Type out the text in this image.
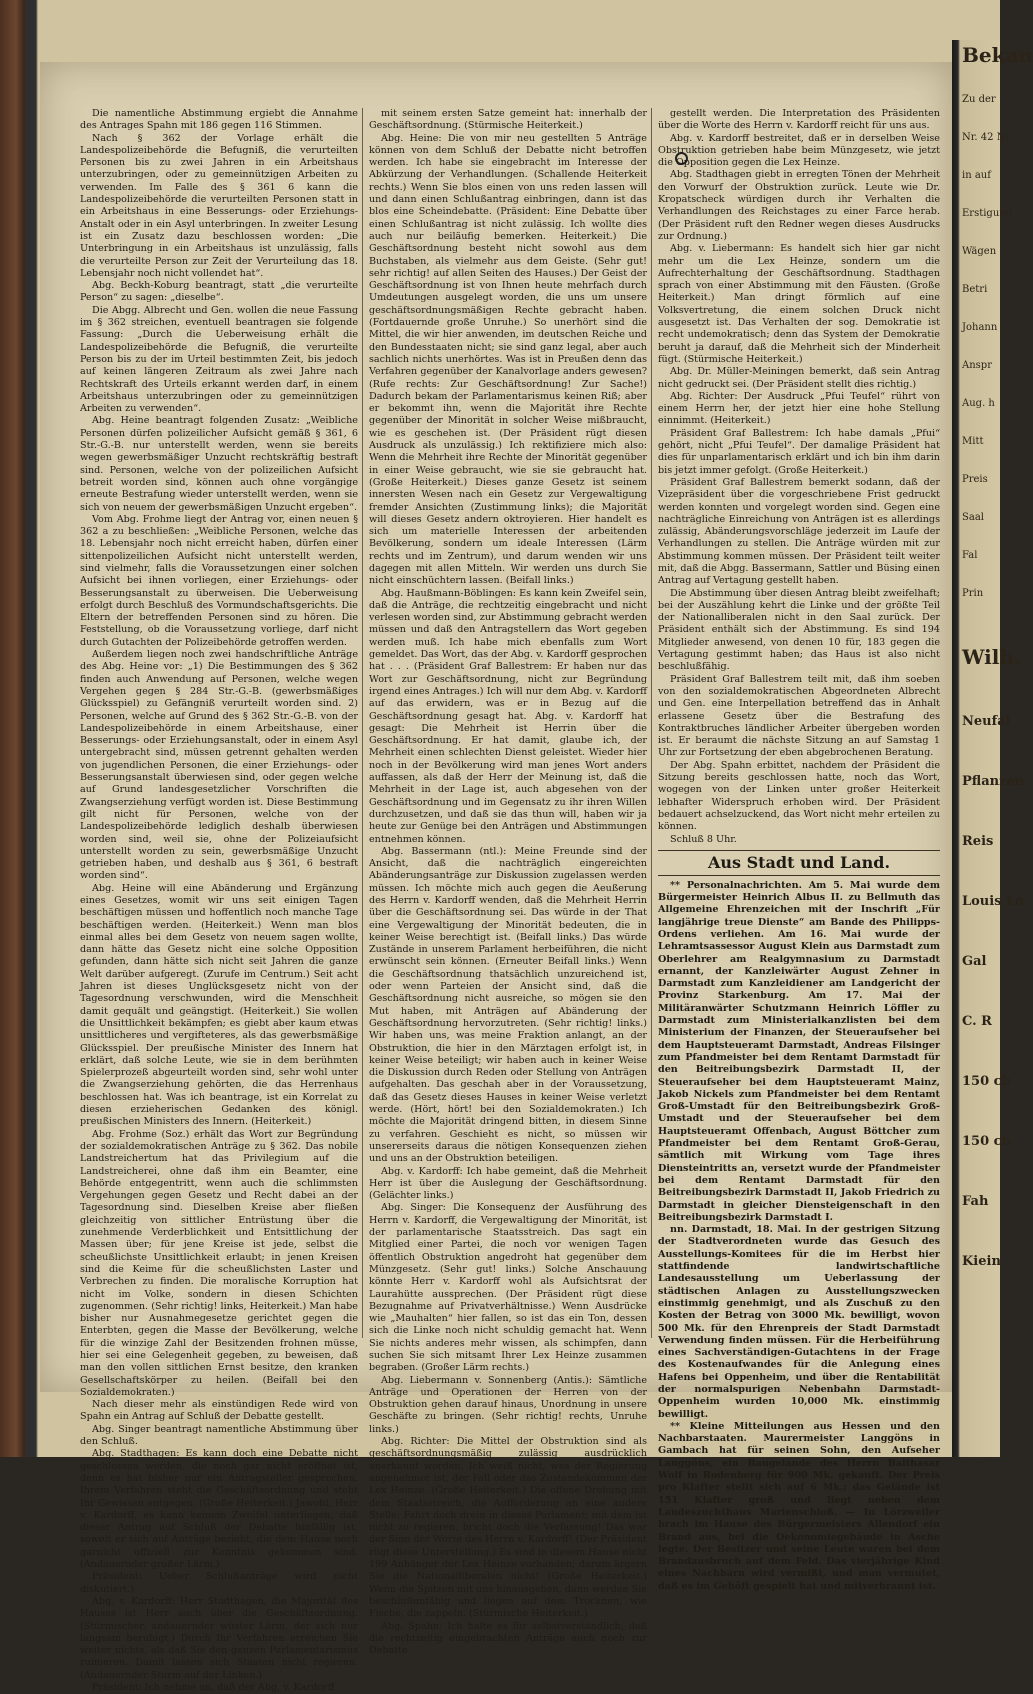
Die namentliche Abstimmung ergiebt die Annahme des Antrages Spahn mit 186 gegen 116 Stimmen.

Nach § 362 der Vorlage erhält die Landespolizeibehörde die Befugniß, die verurteilten Personen bis zu zwei Jahren in ein Arbeitshaus unterzubringen, oder zu gemeinnützigen Arbeiten zu verwenden. Im Falle des § 361 6 kann die Landespolizeibehörde die verurteilten Personen statt in ein Arbeitshaus in eine Besserungs- oder Erziehungs-Anstalt oder in ein Asyl unterbringen. In zweiter Lesung ist ein Zusatz dazu beschlossen worden: „Die Unterbringung in ein Arbeitshaus ist unzulässig, falls die verurteilte Person zur Zeit der Verurteilung das 18. Lebensjahr noch nicht vollendet hat“.

Abg. Beckh-Koburg beantragt, statt „die verurteilte Person“ zu sagen: „dieselbe“.

Die Abgg. Albrecht und Gen. wollen die neue Fassung im § 362 streichen, eventuell beantragen sie folgende Fassung: „Durch die Ueberweisung erhält die Landespolizeibehörde die Befugniß, die verurteilte Person bis zu der im Urteil bestimmten Zeit, bis jedoch auf keinen längeren Zeitraum als zwei Jahre nach Rechtskraft des Urteils erkannt werden darf, in einem Arbeitshaus unterzubringen oder zu gemeinnützigen Arbeiten zu verwenden“.

Abg. Heine beantragt folgenden Zusatz: „Weibliche Personen dürfen polizeilicher Aufsicht gemäß § 361, 6 Str.-G.-B. nur unterstellt werden, wenn sie bereits wegen gewerbsmäßiger Unzucht rechtskräftig bestraft sind. Personen, welche von der polizeilichen Aufsicht betreit worden sind, können auch ohne vorgängige erneute Bestrafung wieder unterstellt werden, wenn sie sich von neuem der gewerbsmäßigen Unzucht ergeben“.

Vom Abg. Frohme liegt der Antrag vor, einen neuen § 362 a zu beschließen: „Weibliche Personen, welche das 18. Lebensjahr noch nicht erreicht haben, dürfen einer sittenpolizeilichen Aufsicht nicht unterstellt werden, sind vielmehr, falls die Voraussetzungen einer solchen Aufsicht bei ihnen vorliegen, einer Erziehungs- oder Besserungsanstalt zu überweisen. Die Ueberweisung erfolgt durch Beschluß des Vormundschaftsgerichts. Die Eltern der betreffenden Personen sind zu hören. Die Feststellung, ob die Voraussetzung vorliege, darf nicht durch Gutachten der Polizeibehörde getroffen werden.

Außerdem liegen noch zwei handschriftliche Anträge des Abg. Heine vor: „1) Die Bestimmungen des § 362 finden auch Anwendung auf Personen, welche wegen Vergehen gegen § 284 Str.-G.-B. (gewerbsmäßiges Glücksspiel) zu Gefängniß verurteilt worden sind. 2) Personen, welche auf Grund des § 362 Str.-G.-B. von der Landespolizeibehörde in einem Arbeitshause, einer Besserungs- oder Erziehungsanstalt, oder in einem Asyl untergebracht sind, müssen getrennt gehalten werden von jugendlichen Personen, die einer Erziehungs- oder Besserungsanstalt überwiesen sind, oder gegen welche auf Grund landesgesetzlicher Vorschriften die Zwangserziehung verfügt worden ist. Diese Bestimmung gilt nicht für Personen, welche von der Landespolizeibehörde lediglich deshalb überwiesen worden sind, weil sie, ohne der Polizeiaufsicht unterstellt worden zu sein, gewerbsmäßige Unzucht getrieben haben, und deshalb aus § 361, 6 bestraft worden sind“.

Abg. Heine will eine Abänderung und Ergänzung eines Gesetzes, womit wir uns seit einigen Tagen beschäftigen müssen und hoffentlich noch manche Tage beschäftigen werden. (Heiterkeit.) Wenn man blos einmal alles bei dem Gesetz von neuem sagen wollte, dann hätte das Gesetz nicht eine solche Opposition gefunden, dann hätte sich nicht seit Jahren die ganze Welt darüber aufgeregt. (Zurufe im Centrum.) Seit acht Jahren ist dieses Unglücksgesetz nicht von der Tagesordnung verschwunden, wird die Menschheit damit gequält und geängstigt. (Heiterkeit.) Sie wollen die Unsittlichkeit bekämpfen; es giebt aber kaum etwas unsittlicheres und vergifteteres, als das gewerbsmäßige Glücksspiel. Der preußische Minister des Innern hat erklärt, daß solche Leute, wie sie in dem berühmten Spielerprozeß abgeurteilt worden sind, sehr wohl unter die Zwangserziehung gehörten, die das Herrenhaus beschlossen hat. Was ich beantrage, ist ein Korrelat zu diesen erzieherischen Gedanken des königl. preußischen Ministers des Innern. (Heiterkeit.)

Abg. Frohme (Soz.) erhält das Wort zur Begründung der sozialdemokratischen Anträge zu § 362. Das nobile Landstreichertum hat das Privilegium auf die Landstreicherei, ohne daß ihm ein Beamter, eine Behörde entgegentritt, wenn auch die schlimmsten Vergehungen gegen Gesetz und Recht dabei an der Tagesordnung sind. Dieselben Kreise aber fließen gleichzeitig von sittlicher Entrüstung über die zunehmende Verderblichkeit und Entsittlichung der Massen über; für jene Kreise ist jede, selbst die scheußlichste Unsittlichkeit erlaubt; in jenen Kreisen sind die Keime für die scheußlichsten Laster und Verbrechen zu finden. Die moralische Korruption hat nicht im Volke, sondern in diesen Schichten zugenommen. (Sehr richtig! links, Heiterkeit.) Man habe bisher nur Ausnahmegesetze gerichtet gegen die Enterbten, gegen die Masse der Bevölkerung, welche für die winzige Zahl der Besitzenden frohnen müsse, hier sei eine Gelegenheit gegeben, zu beweisen, daß man den vollen sittlichen Ernst besitze, den kranken Gesellschaftskörper zu heilen. (Beifall bei den Sozialdemokraten.)

Nach dieser mehr als einstündigen Rede wird von Spahn ein Antrag auf Schluß der Debatte gestellt.

Abg. Singer beantragt namentliche Abstimmung über den Schluß.

Abg. Stadthagen: Es kann doch eine Debatte nicht geschlossen werden, die noch gar nicht eröffnet ist, denn es hat bisher nur ein Antragsteller gesprochen. Ihrem Verfahren steht die Geschäftsordnung und steht Ihr Gewissen entgegen. (Große Heiterkeit.) Jawohl, Herr v. Kardorff, es kann keinem Zweifel unterliegen, daß dieser Antrag auf Schluß der Debatte hinfällig ist, soweit er sich auf Anträge bezieht, die dem Hause noch garnicht offiziell zur Kenntnis gekommen sind. (Andauernder großer Lärm.)

Präsident: Ueber Schlußanträge wird nicht diskutiert.)

Abg. v. Kardorff: Herr Stadthagen, die Majorität des Hauses ist Herr auch über die Geschäftsordnung. (Stürmischer, andauernder wüster Lärm, der sich nur langsam beruhigt.) Durch Ihr Verfahren erreichen Sie weiter nichts, als daß Sie den ganzen Parlamentarismus ruinieren. Damit lassen sich Staaten nicht regieren. (Andauernder Sturm auf der Linken.)

Präsident: Ich nehme an, daß der Abg. v. Kardorff

mit seinem ersten Satze gemeint hat: innerhalb der Geschäftsordnung. (Stürmische Heiterkeit.)

Abg. Heine: Die von mir neu gestellten 5 Anträge können von dem Schluß der Debatte nicht betroffen werden. Ich habe sie eingebracht im Interesse der Abkürzung der Verhandlungen. (Schallende Heiterkeit rechts.) Wenn Sie blos einen von uns reden lassen will und dann einen Schlußantrag einbringen, dann ist das blos eine Scheindebatte. (Präsident: Eine Debatte über einen Schlußantrag ist nicht zulässig. Ich wollte dies auch nur beiläufig bemerken. Heiterkeit.) Die Geschäftsordnung besteht nicht sowohl aus dem Buchstaben, als vielmehr aus dem Geiste. (Sehr gut! sehr richtig! auf allen Seiten des Hauses.) Der Geist der Geschäftsordnung ist von Ihnen heute mehrfach durch Umdeutungen ausgelegt worden, die uns um unsere geschäftsordnungsmäßigen Rechte gebracht haben. (Fortdauernde große Unruhe.) So unerhört sind die Mittel, die wir hier anwenden, im deutschen Reiche und den Bundesstaaten nicht; sie sind ganz legal, aber auch sachlich nichts unerhörtes. Was ist in Preußen denn das Verfahren gegenüber der Kanalvorlage anders gewesen? (Rufe rechts: Zur Geschäftsordnung! Zur Sache!) Dadurch bekam der Parlamentarismus keinen Riß; aber er bekommt ihn, wenn die Majorität ihre Rechte gegenüber der Minorität in solcher Weise mißbraucht, wie es geschehen ist. (Der Präsident rügt diesen Ausdruck als unzulässig.) Ich rektifiziere mich also: Wenn die Mehrheit ihre Rechte der Minorität gegenüber in einer Weise gebraucht, wie sie sie gebraucht hat. (Große Heiterkeit.) Dieses ganze Gesetz ist seinem innersten Wesen nach ein Gesetz zur Vergewaltigung fremder Ansichten (Zustimmung links); die Majorität will dieses Gesetz andern oktroyieren. Hier handelt es sich um materielle Interessen der arbeitenden Bevölkerung, sondern um ideale Interessen (Lärm rechts und im Zentrum), und darum wenden wir uns dagegen mit allen Mitteln. Wir werden uns durch Sie nicht einschüchtern lassen. (Beifall links.)

Abg. Haußmann-Böblingen: Es kann kein Zweifel sein, daß die Anträge, die rechtzeitig eingebracht und nicht verlesen worden sind, zur Abstimmung gebracht werden müssen und daß den Antragstellern das Wort gegeben werden muß. Ich habe mich ebenfalls zum Wort gemeldet. Das Wort, das der Abg. v. Kardorff gesprochen hat . . . (Präsident Graf Ballestrem: Er haben nur das Wort zur Geschäftsordnung, nicht zur Begründung irgend eines Antrages.) Ich will nur dem Abg. v. Kardorff auf das erwidern, was er in Bezug auf die Geschäftsordnung gesagt hat. Abg. v. Kardorff hat gesagt: Die Mehrheit ist Herrin über die Geschäftsordnung. Er hat damit, glaube ich, der Mehrheit einen schlechten Dienst geleistet. Wieder hier noch in der Bevölkerung wird man jenes Wort anders auffassen, als daß der Herr der Meinung ist, daß die Mehrheit in der Lage ist, auch abgesehen von der Geschäftsordnung und im Gegensatz zu ihr ihren Willen durchzusetzen, und daß sie das thun will, haben wir ja heute zur Genüge bei den Anträgen und Abstimmungen entnehmen können.

Abg. Bassermann (ntl.): Meine Freunde sind der Ansicht, daß die nachträglich eingereichten Abänderungsanträge zur Diskussion zugelassen werden müssen. Ich möchte mich auch gegen die Aeußerung des Herrn v. Kardorff wenden, daß die Mehrheit Herrin über die Geschäftsordnung sei. Das würde in der That eine Vergewaltigung der Minorität bedeuten, die in keiner Weise berechtigt ist. (Beifall links.) Das würde Zustände in unserem Parlament herbeiführen, die nicht erwünscht sein können. (Erneuter Beifall links.) Wenn die Geschäftsordnung thatsächlich unzureichend ist, oder wenn Parteien der Ansicht sind, daß die Geschäftsordnung nicht ausreiche, so mögen sie den Mut haben, mit Anträgen auf Abänderung der Geschäftsordnung hervorzutreten. (Sehr richtig! links.) Wir haben uns, was meine Fraktion anlangt, an der Obstruktion, die hier in den Märztagen erfolgt ist, in keiner Weise beteiligt; wir haben auch in keiner Weise die Diskussion durch Reden oder Stellung von Anträgen aufgehalten. Das geschah aber in der Voraussetzung, daß das Gesetz dieses Hauses in keiner Weise verletzt werde. (Hört, hört! bei den Sozialdemokraten.) Ich möchte die Majorität dringend bitten, in diesem Sinne zu verfahren. Geschieht es nicht, so müssen wir unsererseits daraus die nötigen Konsequenzen ziehen und uns an der Obstruktion beteiligen.

Abg. v. Kardorff: Ich habe gemeint, daß die Mehrheit Herr ist über die Auslegung der Geschäftsordnung. (Gelächter links.)

Abg. Singer: Die Konsequenz der Ausführung des Herrn v. Kardorff, die Vergewaltigung der Minorität, ist der parlamentarische Staatsstreich. Das sagt ein Mitglied einer Partei, die noch vor wenigen Tagen öffentlich Obstruktion angedroht hat gegenüber dem Münzgesetz. (Sehr gut! links.) Solche Anschauung könnte Herr v. Kardorff wohl als Aufsichtsrat der Laurahütte aussprechen. (Der Präsident rügt diese Bezugnahme auf Privatverhältnisse.) Wenn Ausdrücke wie „Mauhalten“ hier fallen, so ist das ein Ton, dessen sich die Linke noch nicht schuldig gemacht hat. Wenn Sie nichts anderes mehr wissen, als schimpfen, dann suchen Sie sich mitsamt Ihrer Lex Heinze zusammen begraben. (Großer Lärm rechts.)

Abg. Liebermann v. Sonnenberg (Antis.): Sämtliche Anträge und Operationen der Herren von der Obstruktion gehen darauf hinaus, Unordnung in unsere Geschäfte zu bringen. (Sehr richtig! rechts, Unruhe links.)

Abg. Richter: Die Mittel der Obstruktion sind als geschäftsordnungsmäßig zulässig ausdrücklich anerkannt worden. Ich weiß nicht, was der Regierung angenehmer ist, der Fall oder das Zustandekommen der Lex Heinze. (Große Heiterkeit.) Die offene Drohung mit dem Staatsstreich, die Aufforderung an eine andere Stelle: Fahrt doch drein in dieses Parlament; mit dem ist nicht zu regieren, bricht doch die Verfassung! Das war der Sinn der Worte des Herrn v. Kardorff! (Der Präsident rügt diese Unterstellung.) Es sind in diesem Hause nicht 199 Anhänger der Lex Heinze vorhanden; darum ärgern Sie die Nationalliberalen nicht! (Große Heiterkeit.) Wenn die Spitzen mit uns hinausgehen, dann werden Sie beschlußunfähig und liegen auf dem Trocknen, wie Fische, die zappeln. (Stürmische Heiterkeit.)

Abg. Spahn: Ich halte es für selbstverständlich, daß die rechtzeitig eingebrachten Anträge auch noch zur Debatte

gestellt werden. Die Interpretation des Präsidenten über die Worte des Herrn v. Kardorff reicht für uns aus.

Abg. v. Kardorff bestreitet, daß er in derselben Weise Obstruktion getrieben habe beim Münzgesetz, wie jetzt die Opposition gegen die Lex Heinze.

Abg. Stadthagen giebt in erregten Tönen der Mehrheit den Vorwurf der Obstruktion zurück. Leute wie Dr. Kropatscheck würdigen durch ihr Verhalten die Verhandlungen des Reichstages zu einer Farce herab. (Der Präsident ruft den Redner wegen dieses Ausdrucks zur Ordnung.)

Abg. v. Liebermann: Es handelt sich hier gar nicht mehr um die Lex Heinze, sondern um die Aufrechterhaltung der Geschäftsordnung. Stadthagen sprach von einer Abstimmung mit den Fäusten. (Große Heiterkeit.) Man dringt förmlich auf eine Volksvertretung, die einem solchen Druck nicht ausgesetzt ist. Das Verhalten der sog. Demokratie ist recht undemokratisch; denn das System der Demokratie beruht ja darauf, daß die Mehrheit sich der Minderheit fügt. (Stürmische Heiterkeit.)

Abg. Dr. Müller-Meiningen bemerkt, daß sein Antrag nicht gedruckt sei. (Der Präsident stellt dies richtig.)

Abg. Richter: Der Ausdruck „Pfui Teufel“ rührt von einem Herrn her, der jetzt hier eine hohe Stellung einnimmt. (Heiterkeit.)

Präsident Graf Ballestrem: Ich habe damals „Pfui“ gehört, nicht „Pfui Teufel“. Der damalige Präsident hat dies für unparlamentarisch erklärt und ich bin ihm darin bis jetzt immer gefolgt. (Große Heiterkeit.)

Präsident Graf Ballestrem bemerkt sodann, daß der Vizepräsident über die vorgeschriebene Frist gedruckt werden konnten und vorgelegt worden sind. Gegen eine nachträgliche Einreichung von Anträgen ist es allerdings zulässig, Abänderungsvorschläge jederzeit im Laufe der Verhandlungen zu stellen. Die Anträge würden mit zur Abstimmung kommen müssen. Der Präsident teilt weiter mit, daß die Abgg. Bassermann, Sattler und Büsing einen Antrag auf Vertagung gestellt haben.

Die Abstimmung über diesen Antrag bleibt zweifelhaft; bei der Auszählung kehrt die Linke und der größte Teil der Nationalliberalen nicht in den Saal zurück. Der Präsident enthält sich der Abstimmung. Es sind 194 Mitglieder anwesend, von denen 10 für, 183 gegen die Vertagung gestimmt haben; das Haus ist also nicht beschlußfähig.

Präsident Graf Ballestrem teilt mit, daß ihm soeben von den sozialdemokratischen Abgeordneten Albrecht und Gen. eine Interpellation betreffend das in Anhalt erlassene Gesetz über die Bestrafung des Kontraktbruches ländlicher Arbeiter übergeben worden ist. Er beraumt die nächste Sitzung an auf Samstag 1 Uhr zur Fortsetzung der eben abgebrochenen Beratung.

Der Abg. Spahn erbittet, nachdem der Präsident die Sitzung bereits geschlossen hatte, noch das Wort, wogegen von der Linken unter großer Heiterkeit lebhafter Widerspruch erhoben wird. Der Präsident bedauert achselzuckend, das Wort nicht mehr erteilen zu können.

Schluß 8 Uhr.

Aus Stadt und Land.

** Personalnachrichten. Am 5. Mai wurde dem Bürgermeister Heinrich Albus II. zu Bellmuth das Allgemeine Ehrenzeichen mit der Inschrift „Für langjährige treue Dienste“ am Bande des Philipps-Ordens verliehen. Am 16. Mai wurde der Lehramtsassessor August Klein aus Darmstadt zum Oberlehrer am Realgymnasium zu Darmstadt ernannt, der Kanzleiwärter August Zehner in Darmstadt zum Kanzleidiener am Landgericht der Provinz Starkenburg. Am 17. Mai der Militäranwärter Schutzmann Heinrich Löffler zu Darmstadt zum Ministerialkanzlisten bei dem Ministerium der Finanzen, der Steueraufseher bei dem Hauptsteueramt Darmstadt, Andreas Filsinger zum Pfandmeister bei dem Rentamt Darmstadt für den Beitreibungsbezirk Darmstadt II, der Steueraufseher bei dem Hauptsteueramt Mainz, Jakob Nickels zum Pfandmeister bei dem Rentamt Groß-Umstadt für den Beitreibungsbezirk Groß-Umstadt und der Steueraufseher bei dem Hauptsteueramt Offenbach, August Böttcher zum Pfandmeister bei dem Rentamt Groß-Gerau, sämtlich mit Wirkung vom Tage ihres Diensteintritts an, versetzt wurde der Pfandmeister bei dem Rentamt Darmstadt für den Beitreibungsbezirk Darmstadt II, Jakob Friedrich zu Darmstadt in gleicher Diensteigenschaft in den Beitreibungsbezirk Darmstadt I.

nn. Darmstadt, 18. Mai. In der gestrigen Sitzung der Stadtverordneten wurde das Gesuch des Ausstellungs-Komitees für die im Herbst hier stattfindende landwirtschaftliche Landesausstellung um Ueberlassung der städtischen Anlagen zu Ausstellungszwecken einstimmig genehmigt, und als Zuschuß zu den Kosten der Betrag von 3000 Mk. bewilligt, wovon 500 Mk. für den Ehrenpreis der Stadt Darmstadt Verwendung finden müssen. Für die Herbeiführung eines Sachverständigen-Gutachtens in der Frage des Kostenaufwandes für die Anlegung eines Hafens bei Oppenheim, und über die Rentabilität der normalspurigen Nebenbahn Darmstadt-Oppenheim wurden 10,000 Mk. einstimmig bewilligt.

** Kleine Mitteilungen aus Hessen und den Nachbarstaaten. Maurermeister Langgöns in Gambach hat für seinen Sohn, den Aufseher Langgöns, ein Baugelände des Herrn Balthasar Wolf in Rodenberg für 900 Mk. gekauft. Der Preis pro Klafter stellt sich auf 6 Mk.; das Gelände ist 151 Klafter groß und liegt neben dem Landeszuchthaus Marienschloß. — In Lörzweiler brach im Hause des Bürgermeisters Allendorf ein Brand aus, bei die Oekonomiegebäude in Asche legte. Der Besitzer und seine Leute waren bei dem Brandausbruch auf dem Feld. Das vierjährige Kind eines Nachbarn wird vermißt, und man vermutet, daß es im Gehöft gespielt hat und mitverbrannt ist.

Bekan
Zu der
Nr. 42 Nr.
in auf
Erstigung
Wägen
Betri
Johann
Anspr
Aug. h
Mitt
Preis
Saal
Fal
Prin
Wilh.
Neufal
Pflanzen
Reis
Louis Lo
Gal
C. R
150 cb
150 cb
Fah
Kiein
